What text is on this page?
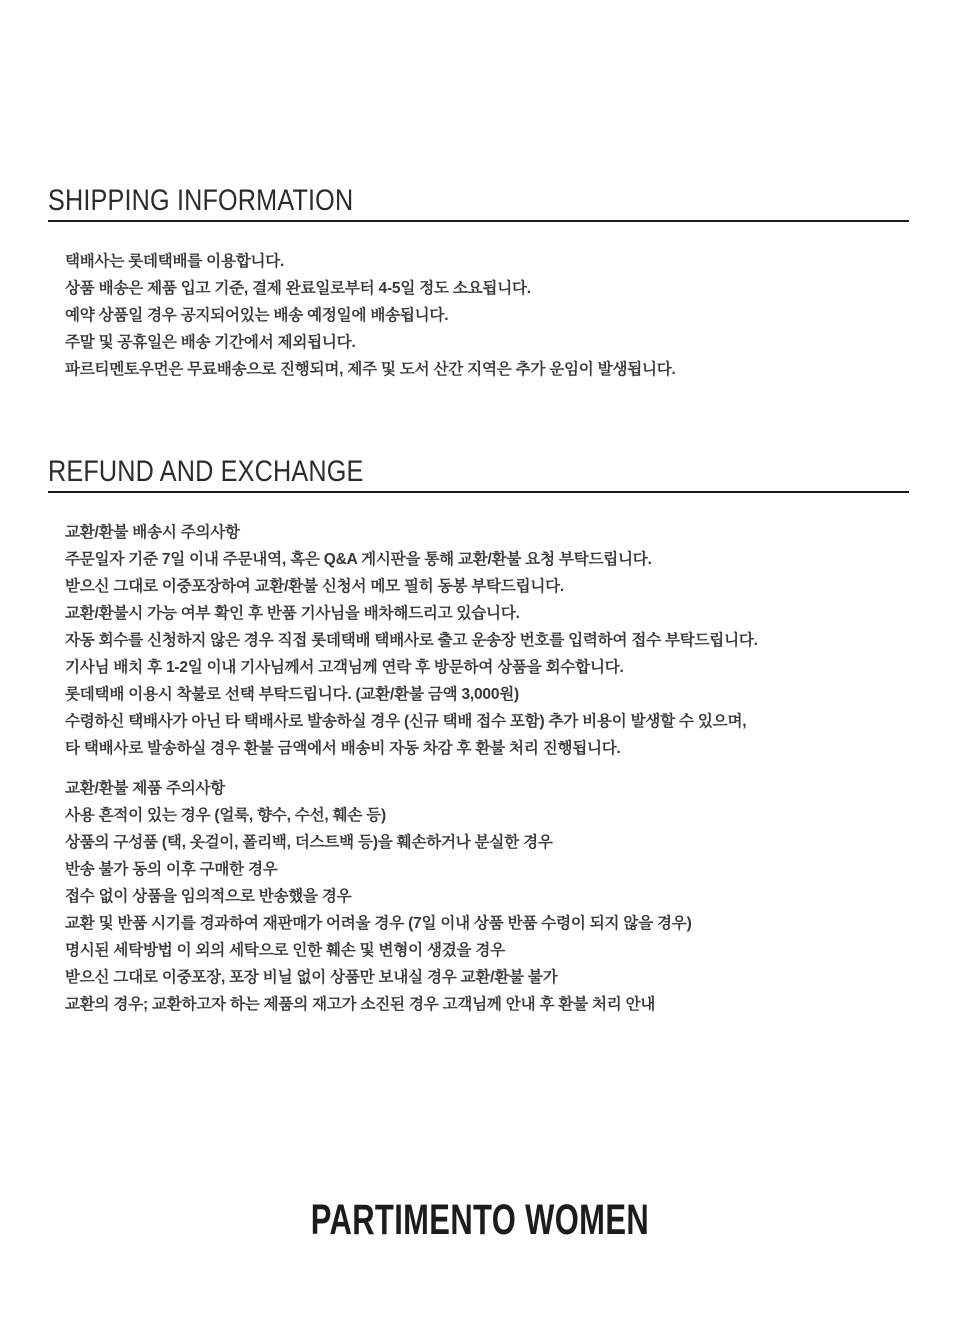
SHIPPING INFORMATION
택배사는 롯데택배를 이용합니다.
상품 배송은 제품 입고 기준, 결제 완료일로부터 4-5일 정도 소요됩니다.
예약 상품일 경우 공지되어있는 배송 예정일에 배송됩니다.
주말 및 공휴일은 배송 기간에서 제외됩니다.
파르티멘토우먼은 무료배송으로 진행되며, 제주 및 도서 산간 지역은 추가 운임이 발생됩니다.
REFUND AND EXCHANGE
교환/환불 배송시 주의사항
주문일자 기준 7일 이내 주문내역, 혹은 Q&A 게시판을 통해 교환/환불 요청 부탁드립니다.
받으신 그대로 이중포장하여 교환/환불 신청서 메모 필히 동봉 부탁드립니다.
교환/환불시 가능 여부 확인 후 반품 기사님을 배차해드리고 있습니다.
자동 회수를 신청하지 않은 경우 직접 롯데택배 택배사로 출고 운송장 번호를 입력하여 접수 부탁드립니다.
기사님 배치 후 1-2일 이내 기사님께서 고객님께 연락 후 방문하여 상품을 회수합니다.
롯데택배 이용시 착불로 선택 부탁드립니다. (교환/환불 금액 3,000원)
수령하신 택배사가 아닌 타 택배사로 발송하실 경우 (신규 택배 접수 포함) 추가 비용이 발생할 수 있으며,
타 택배사로 발송하실 경우 환불 금액에서 배송비 자동 차감 후 환불 처리 진행됩니다.
교환/환불 제품 주의사항
사용 흔적이 있는 경우 (얼룩, 향수, 수선, 훼손 등)
상품의 구성품 (택, 옷걸이, 폴리백, 더스트백 등)을 훼손하거나 분실한 경우
반송 불가 동의 이후 구매한 경우
접수 없이 상품을 임의적으로 반송했을 경우
교환 및 반품 시기를 경과하여 재판매가 어려울 경우 (7일 이내 상품 반품 수령이 되지 않을 경우)
명시된 세탁방법 이 외의 세탁으로 인한 훼손 및 변형이 생겼을 경우
받으신 그대로 이중포장, 포장 비닐 없이 상품만 보내실 경우 교환/환불 불가
교환의 경우; 교환하고자 하는 제품의 재고가 소진된 경우 고객님께 안내 후 환불 처리 안내
PARTIMENTO WOMEN
